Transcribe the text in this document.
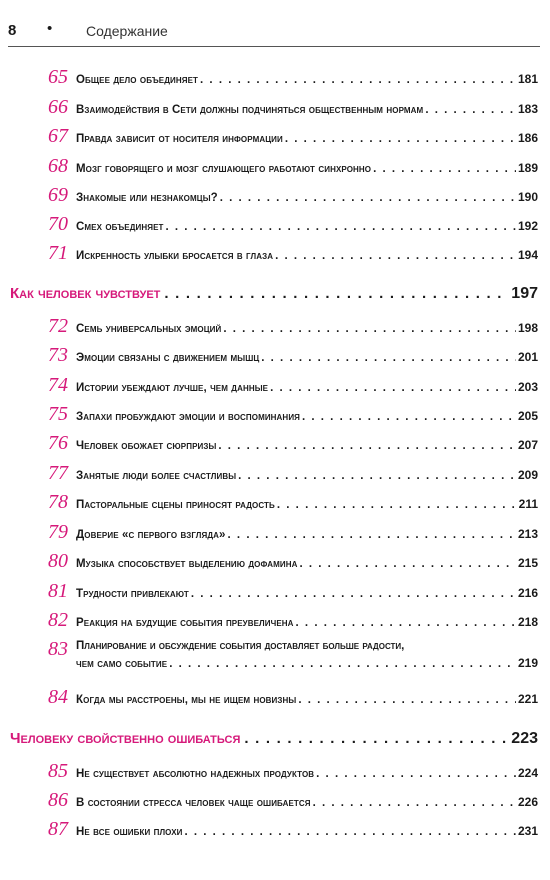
8 • Содержание
65 Общее дело объединяет . . .	181
66 Взаимодействия в Сети должны подчиняться общественным нормам . . .	183
67 Правда зависит от носителя информации . . .	186
68 Мозг говорящего и мозг слушающего работают синхронно . . .	189
69 Знакомые или незнакомцы? . . .	190
70 Смех объединяет . . .	192
71 Искренность улыбки бросается в глаза . . .	194
Как человек чувствует . . .	197
72 Семь универсальных эмоций . . .	198
73 Эмоции связаны с движением мышц . . .	201
74 Истории убеждают лучше, чем данные . . .	203
75 Запахи пробуждают эмоции и воспоминания . . .	205
76 Человек обожает сюрпризы . . .	207
77 Занятые люди более счастливы . . .	209
78 Пасторальные сцены приносят радость . . .	211
79 Доверие «с первого взгляда» . . .	213
80 Музыка способствует выделению дофамина . . .	215
81 Трудности привлекают . . .	216
82 Реакция на будущие события преувеличена . . .	218
83 Планирование и обсуждение события доставляет больше радости,
чем само событие . . .	219
84 Когда мы расстроены, мы не ищем новизны . . .	221
Человеку свойственно ошибаться . . .	223
85 Не существует абсолютно надежных продуктов . . .	224
86 В состоянии стресса человек чаще ошибается . . .	226
87 Не все ошибки плохи . . .	231
